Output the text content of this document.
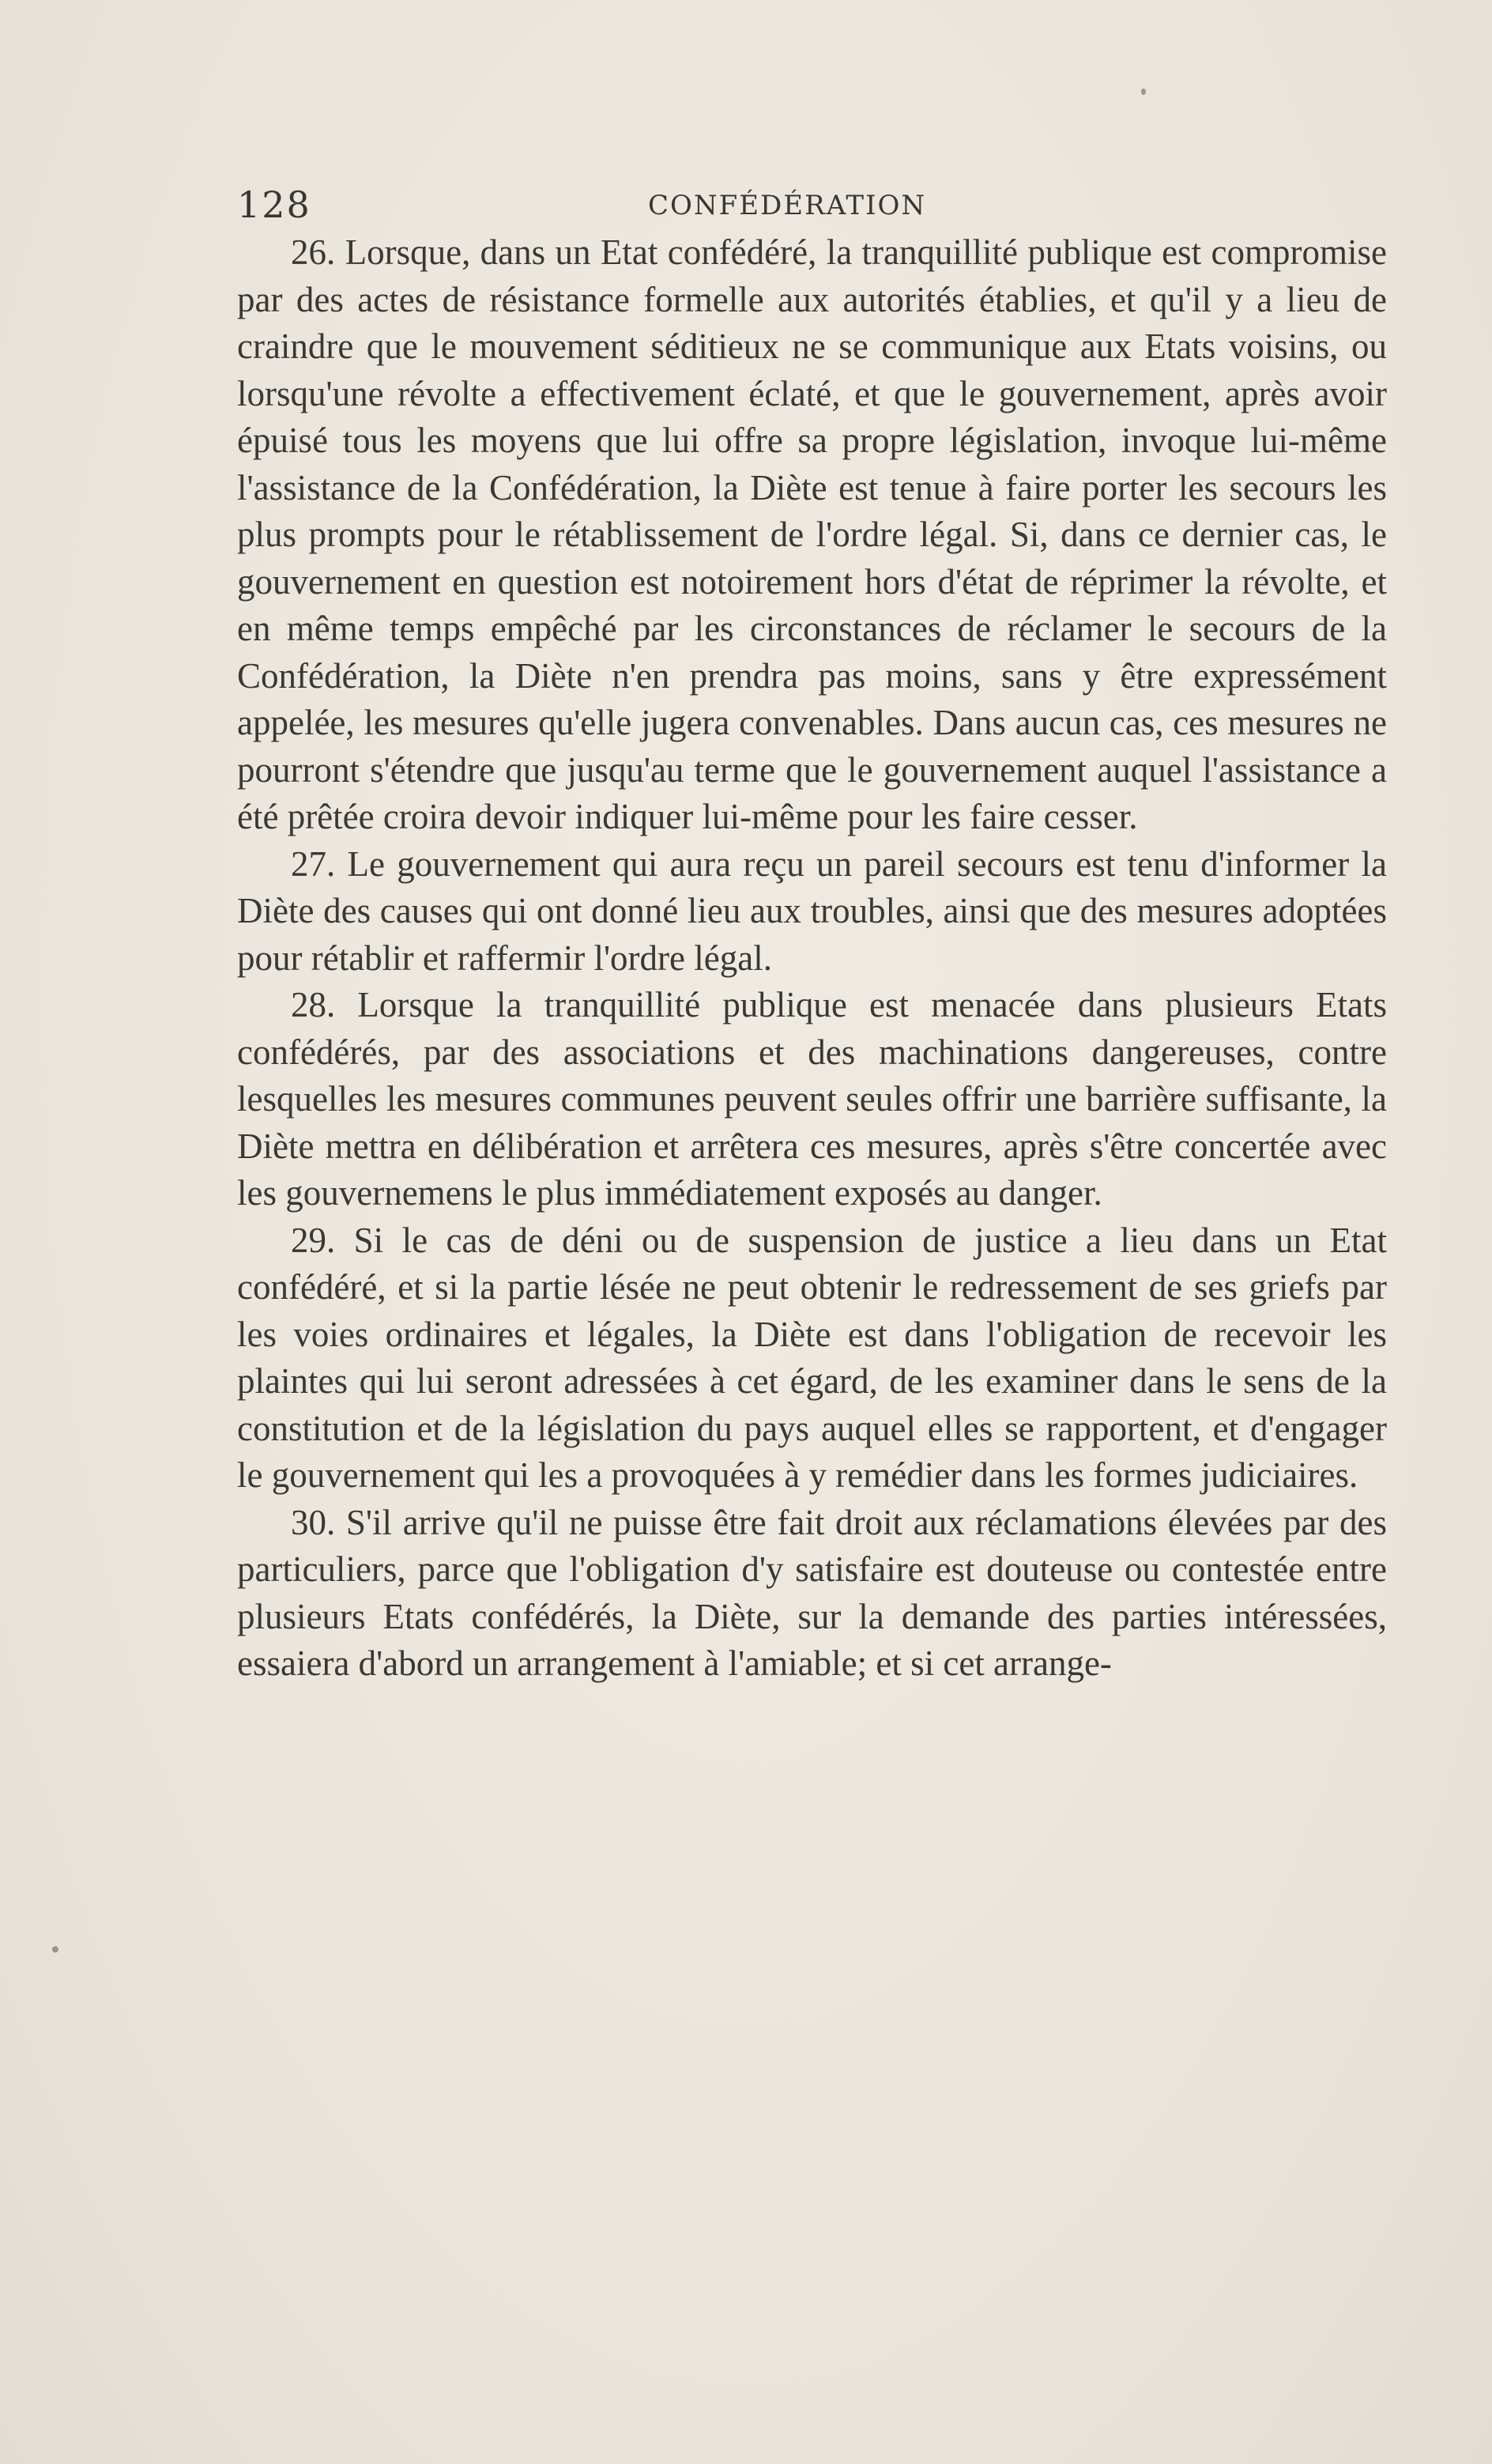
128	CONFÉDÉRATION

26. Lorsque, dans un Etat confédéré, la tranquillité publique est compromise par des actes de résistance formelle aux autorités établies, et qu'il y a lieu de craindre que le mouvement séditieux ne se communique aux Etats voisins, ou lorsqu'une révolte a effectivement éclaté, et que le gouvernement, après avoir épuisé tous les moyens que lui offre sa propre législation, invoque lui-même l'assistance de la Confédération, la Diète est tenue à faire porter les secours les plus prompts pour le rétablissement de l'ordre légal. Si, dans ce dernier cas, le gouvernement en question est notoirement hors d'état de réprimer la révolte, et en même temps empêché par les circonstances de réclamer le secours de la Confédération, la Diète n'en prendra pas moins, sans y être expressément appelée, les mesures qu'elle jugera convenables. Dans aucun cas, ces mesures ne pourront s'étendre que jusqu'au terme que le gouvernement auquel l'assistance a été prêtée croira devoir indiquer lui-même pour les faire cesser.

27. Le gouvernement qui aura reçu un pareil secours est tenu d'informer la Diète des causes qui ont donné lieu aux troubles, ainsi que des mesures adoptées pour rétablir et raffermir l'ordre légal.

28. Lorsque la tranquillité publique est menacée dans plusieurs Etats confédérés, par des associations et des machinations dangereuses, contre lesquelles les mesures communes peuvent seules offrir une barrière suffisante, la Diète mettra en délibération et arrêtera ces mesures, après s'être concertée avec les gouvernemens le plus immédiatement exposés au danger.

29. Si le cas de déni ou de suspension de justice a lieu dans un Etat confédéré, et si la partie lésée ne peut obtenir le redressement de ses griefs par les voies ordinaires et légales, la Diète est dans l'obligation de recevoir les plaintes qui lui seront adressées à cet égard, de les examiner dans le sens de la constitution et de la législation du pays auquel elles se rapportent, et d'engager le gouvernement qui les a provoquées à y remédier dans les formes judiciaires.

30. S'il arrive qu'il ne puisse être fait droit aux réclamations élevées par des particuliers, parce que l'obligation d'y satisfaire est douteuse ou contestée entre plusieurs Etats confédérés, la Diète, sur la demande des parties intéressées, essaiera d'abord un arrangement à l'amiable; et si cet arrange-
